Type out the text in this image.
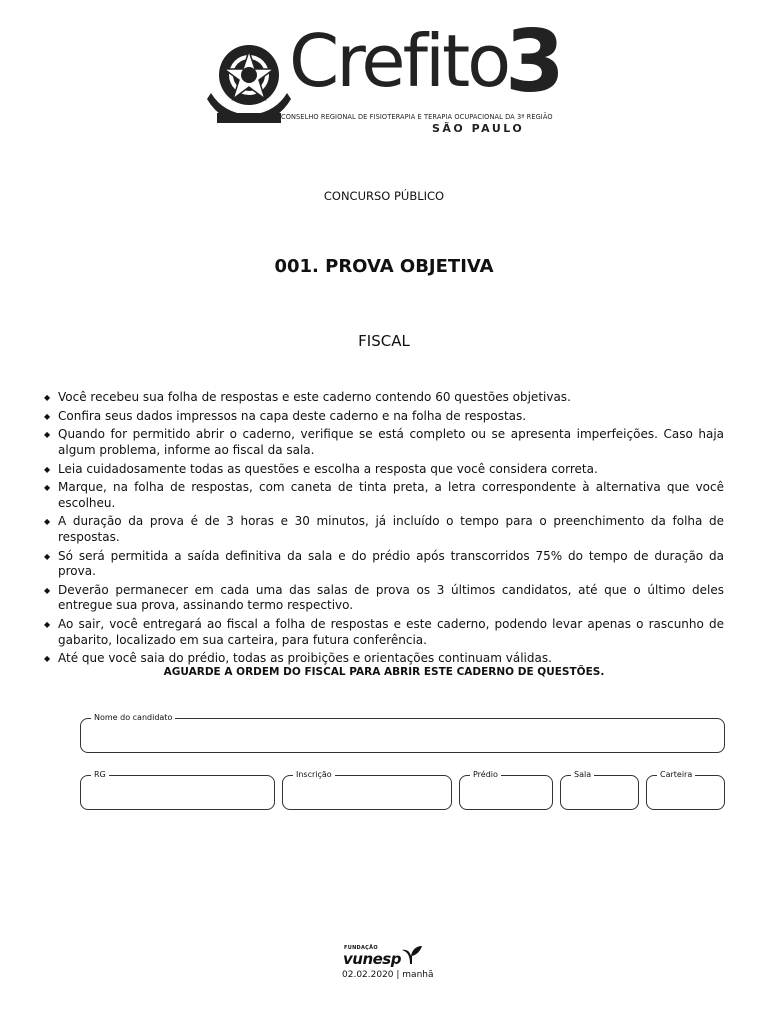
Crefito
3
CONSELHO REGIONAL DE FISIOTERAPIA E TERAPIA OCUPACIONAL DA 3ª REGIÃO
SÃO PAULO
CONCURSO PÚBLICO
001. PROVA OBJETIVA
FISCAL
◆ Você recebeu sua folha de respostas e este caderno contendo 60 questões objetivas.
◆ Confira seus dados impressos na capa deste caderno e na folha de respostas.
◆ Quando for permitido abrir o caderno, verifique se está completo ou se apresenta imperfeições. Caso haja algum problema, informe ao fiscal da sala.
◆ Leia cuidadosamente todas as questões e escolha a resposta que você considera correta.
◆ Marque, na folha de respostas, com caneta de tinta preta, a letra correspondente à alternativa que você escolheu.
◆ A duração da prova é de 3 horas e 30 minutos, já incluído o tempo para o preenchimento da folha de respostas.
◆ Só será permitida a saída definitiva da sala e do prédio após transcorridos 75% do tempo de duração da prova.
◆ Deverão permanecer em cada uma das salas de prova os 3 últimos candidatos, até que o último deles entregue sua prova, assinando termo respectivo.
◆ Ao sair, você entregará ao fiscal a folha de respostas e este caderno, podendo levar apenas o rascunho de gabarito, localizado em sua carteira, para futura conferência.
◆ Até que você saia do prédio, todas as proibições e orientações continuam válidas.
AGUARDE A ORDEM DO FISCAL PARA ABRIR ESTE CADERNO DE QUESTÕES.
Nome do candidato
RG	Inscrição	Prédio	Sala	Carteira
FUNDAÇÃO
vunesp
02.02.2020 | manhã
